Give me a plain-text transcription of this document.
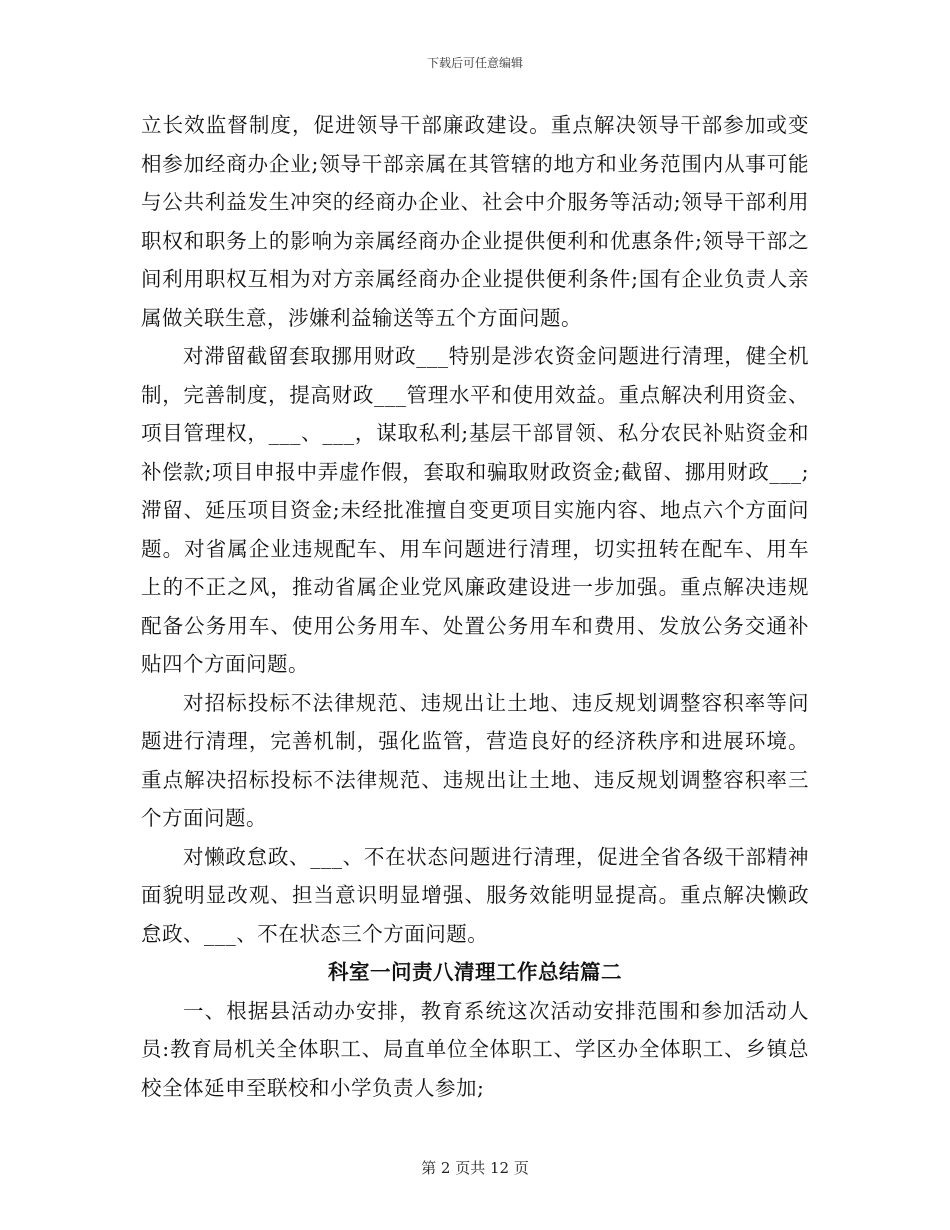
下载后可任意编辑

立长效监督制度，促进领导干部廉政建设。重点解决领导干部参加或变相参加经商办企业;领导干部亲属在其管辖的地方和业务范围内从事可能与公共利益发生冲突的经商办企业、社会中介服务等活动;领导干部利用职权和职务上的影响为亲属经商办企业提供便利和优惠条件;领导干部之间利用职权互相为对方亲属经商办企业提供便利条件;国有企业负责人亲属做关联生意，涉嫌利益输送等五个方面问题。

对滞留截留套取挪用财政___特别是涉农资金问题进行清理，健全机制，完善制度，提高财政___管理水平和使用效益。重点解决利用资金、项目管理权，___、___，谋取私利;基层干部冒领、私分农民补贴资金和补偿款;项目申报中弄虚作假，套取和骗取财政资金;截留、挪用财政___;滞留、延压项目资金;未经批准擅自变更项目实施内容、地点六个方面问题。对省属企业违规配车、用车问题进行清理，切实扭转在配车、用车上的不正之风，推动省属企业党风廉政建设进一步加强。重点解决违规配备公务用车、使用公务用车、处置公务用车和费用、发放公务交通补贴四个方面问题。

对招标投标不法律规范、违规出让土地、违反规划调整容积率等问题进行清理，完善机制，强化监管，营造良好的经济秩序和进展环境。重点解决招标投标不法律规范、违规出让土地、违反规划调整容积率三个方面问题。

对懒政怠政、___、不在状态问题进行清理，促进全省各级干部精神面貌明显改观、担当意识明显增强、服务效能明显提高。重点解决懒政怠政、___、不在状态三个方面问题。

科室一问责八清理工作总结篇二

一、根据县活动办安排，教育系统这次活动安排范围和参加活动人员:教育局机关全体职工、局直单位全体职工、学区办全体职工、乡镇总校全体延申至联校和小学负责人参加;

第 2 页共 12 页
